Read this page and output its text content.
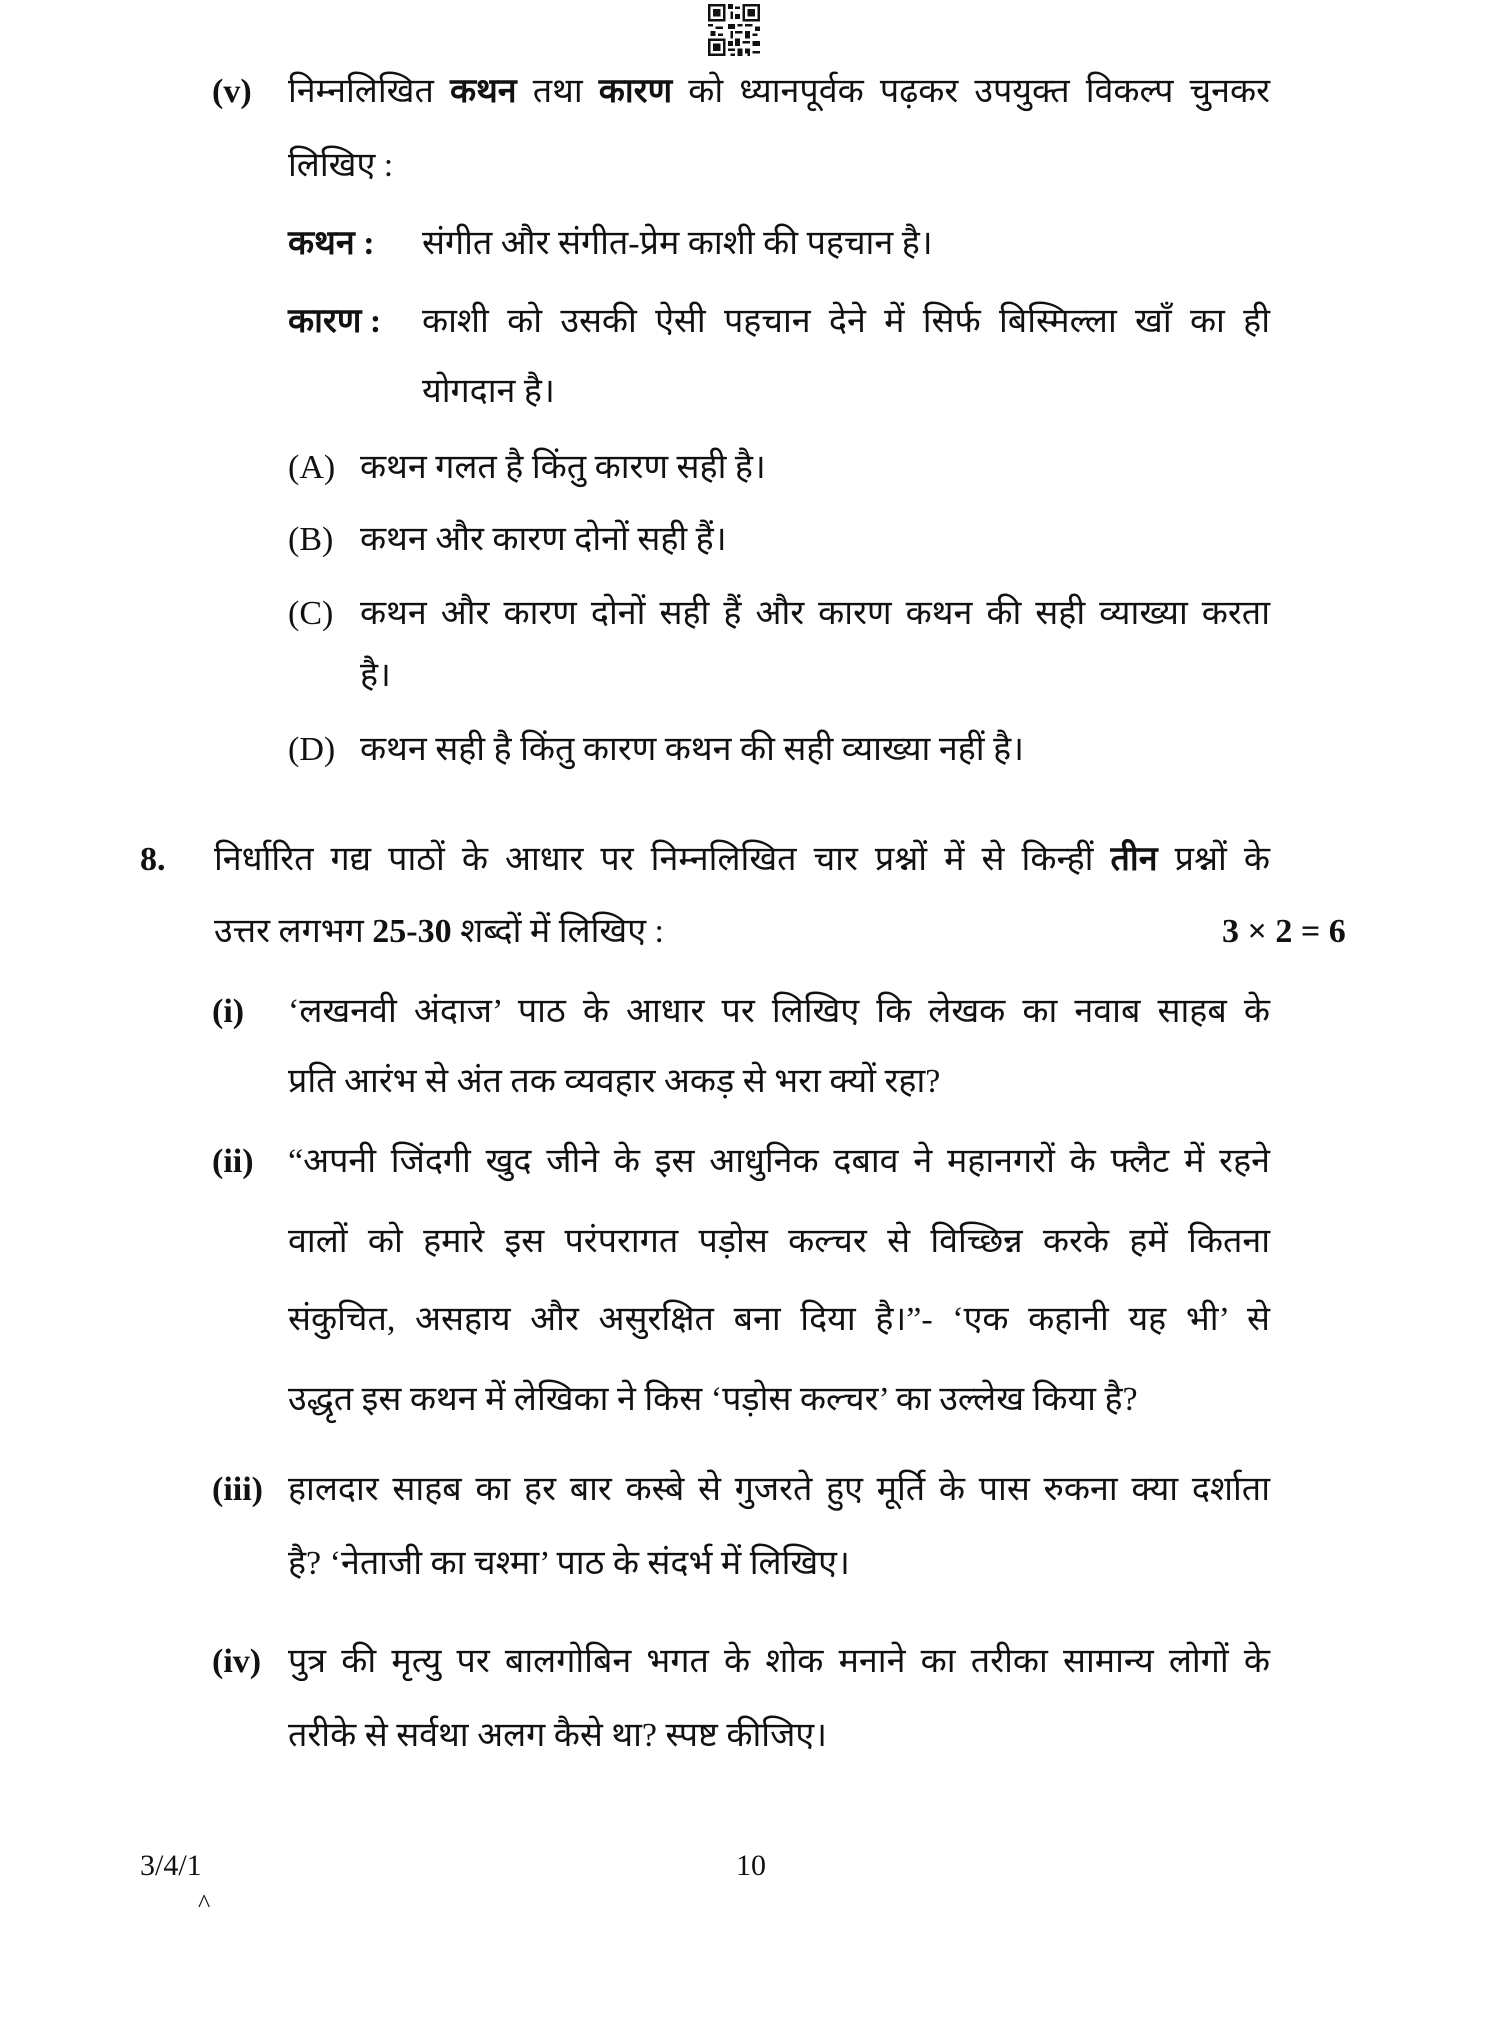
(v) निम्नलिखित कथन तथा कारण को ध्यानपूर्वक पढ़कर उपयुक्त विकल्प चुनकर
लिखिए :
कथन : संगीत और संगीत-प्रेम काशी की पहचान है।
कारण : काशी को उसकी ऐसी पहचान देने में सिर्फ बिस्मिल्ला खाँ का ही
योगदान है।
(A) कथन गलत है किंतु कारण सही है।
(B) कथन और कारण दोनों सही हैं।
(C) कथन और कारण दोनों सही हैं और कारण कथन की सही व्याख्या करता
है।
(D) कथन सही है किंतु कारण कथन की सही व्याख्या नहीं है।
8. निर्धारित गद्य पाठों के आधार पर निम्नलिखित चार प्रश्नों में से किन्हीं तीन प्रश्नों के
उत्तर लगभग 25-30 शब्दों में लिखिए :	3 × 2 = 6
(i) ‘लखनवी अंदाज’ पाठ के आधार पर लिखिए कि लेखक का नवाब साहब के
प्रति आरंभ से अंत तक व्यवहार अकड़ से भरा क्यों रहा?
(ii) “अपनी जिंदगी खुद जीने के इस आधुनिक दबाव ने महानगरों के फ्लैट में रहने
वालों को हमारे इस परंपरागत पड़ोस कल्चर से विच्छिन्न करके हमें कितना
संकुचित, असहाय और असुरक्षित बना दिया है।”- ‘एक कहानी यह भी’ से
उद्धृत इस कथन में लेखिका ने किस ‘पड़ोस कल्चर’ का उल्लेख किया है?
(iii) हालदार साहब का हर बार कस्बे से गुजरते हुए मूर्ति के पास रुकना क्या दर्शाता
है? ‘नेताजी का चश्मा’ पाठ के संदर्भ में लिखिए।
(iv) पुत्र की मृत्यु पर बालगोबिन भगत के शोक मनाने का तरीका सामान्य लोगों के
तरीके से सर्वथा अलग कैसे था? स्पष्ट कीजिए।
3/4/1
^
10
